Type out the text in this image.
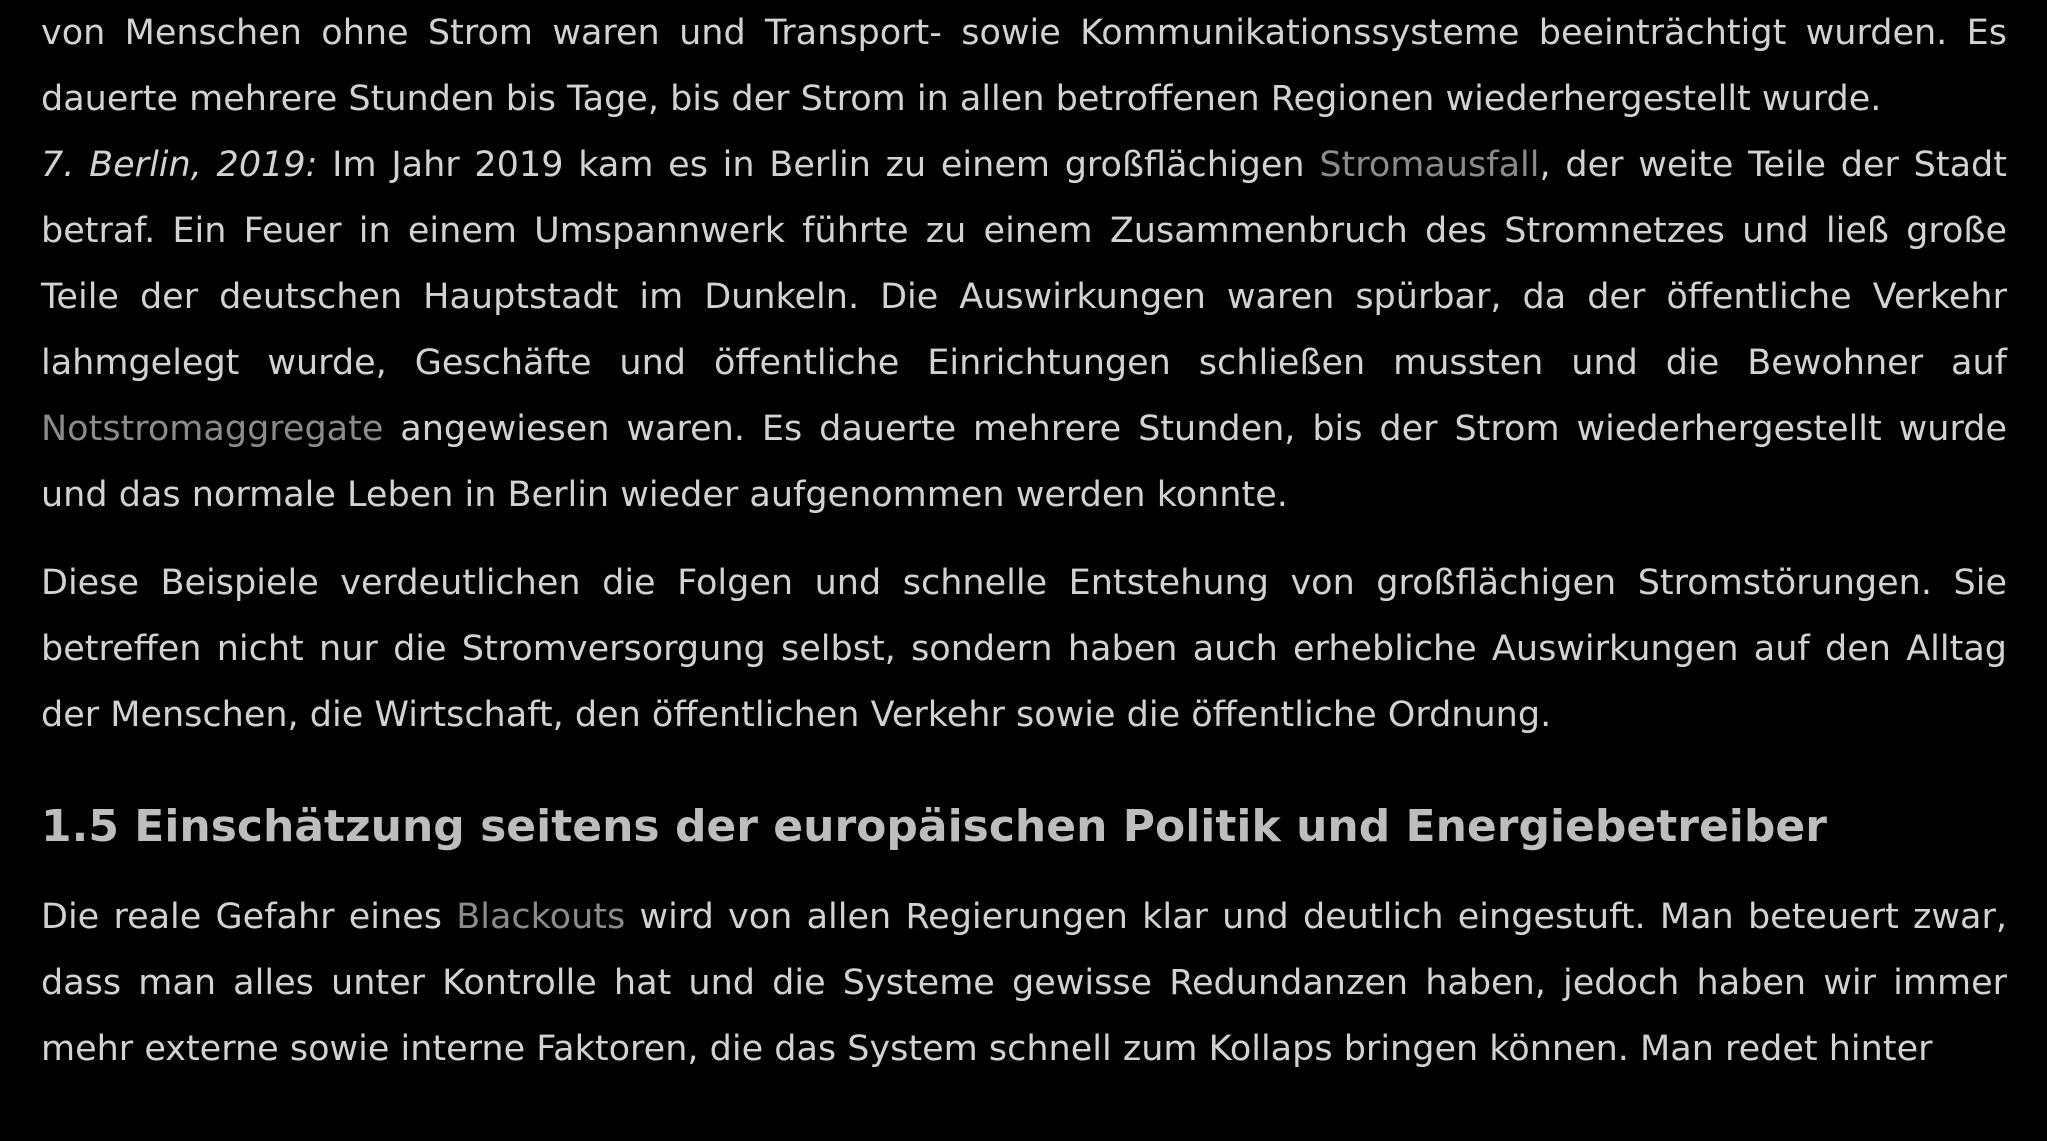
von Menschen ohne Strom waren und Transport- sowie Kommunikationssysteme beeinträchtigt wurden. Es dauerte mehrere Stunden bis Tage, bis der Strom in allen betroffenen Regionen wiederhergestellt wurde.

7. Berlin, 2019: Im Jahr 2019 kam es in Berlin zu einem großflächigen Stromausfall, der weite Teile der Stadt betraf. Ein Feuer in einem Umspannwerk führte zu einem Zusammenbruch des Stromnetzes und ließ große Teile der deutschen Hauptstadt im Dunkeln. Die Auswirkungen waren spürbar, da der öffentliche Verkehr lahmgelegt wurde, Geschäfte und öffentliche Einrichtungen schließen mussten und die Bewohner auf Notstromaggregate angewiesen waren. Es dauerte mehrere Stunden, bis der Strom wiederhergestellt wurde und das normale Leben in Berlin wieder aufgenommen werden konnte.

Diese Beispiele verdeutlichen die Folgen und schnelle Entstehung von großflächigen Stromstörungen. Sie betreffen nicht nur die Stromversorgung selbst, sondern haben auch erhebliche Auswirkungen auf den Alltag der Menschen, die Wirtschaft, den öffentlichen Verkehr sowie die öffentliche Ordnung.

1.5 Einschätzung seitens der europäischen Politik und Energiebetreiber

Die reale Gefahr eines Blackouts wird von allen Regierungen klar und deutlich eingestuft. Man beteuert zwar, dass man alles unter Kontrolle hat und die Systeme gewisse Redundanzen haben, jedoch haben wir immer mehr externe sowie interne Faktoren, die das System schnell zum Kollaps bringen können. Man redet hinter
